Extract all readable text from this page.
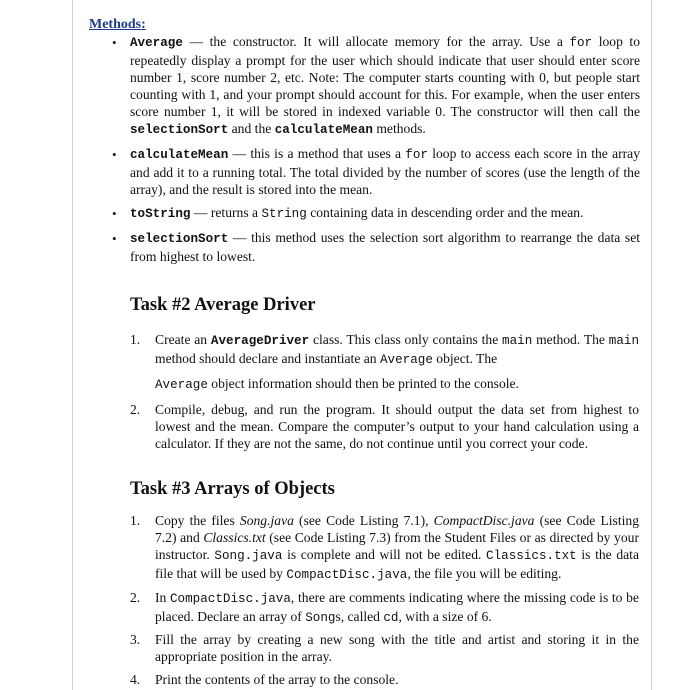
Methods:
• Average — the constructor. It will allocate memory for the array. Use a for loop to repeatedly display a prompt for the user which should indicate that user should enter score number 1, score number 2, etc. Note: The computer starts counting with 0, but people start counting with 1, and your prompt should account for this. For example, when the user enters score number 1, it will be stored in indexed variable 0. The constructor will then call the selectionSort and the calculateMean methods.

• calculateMean — this is a method that uses a for loop to access each score in the array and add it to a running total. The total divided by the number of scores (use the length of the array), and the result is stored into the mean.

• toString — returns a String containing data in descending order and the mean.

• selectionSort — this method uses the selection sort algorithm to rearrange the data set from highest to lowest.

Task #2 Average Driver
1. Create an AverageDriver class. This class only contains the main method. The main method should declare and instantiate an Average object. The

Average object information should then be printed to the console.

2. Compile, debug, and run the program. It should output the data set from highest to lowest and the mean. Compare the computer’s output to your hand calculation using a calculator. If they are not the same, do not continue until you correct your code.

Task #3 Arrays of Objects
1. Copy the files Song.java (see Code Listing 7.1), CompactDisc.java (see Code Listing 7.2) and Classics.txt (see Code Listing 7.3) from the Student Files or as directed by your instructor. Song.java is complete and will not be edited. Classics.txt is the data file that will be used by CompactDisc.java, the file you will be editing.

2. In CompactDisc.java, there are comments indicating where the missing code is to be placed. Declare an array of Songs, called cd, with a size of 6.

3. Fill the array by creating a new song with the title and artist and storing it in the appropriate position in the array.

4. Print the contents of the array to the console.
